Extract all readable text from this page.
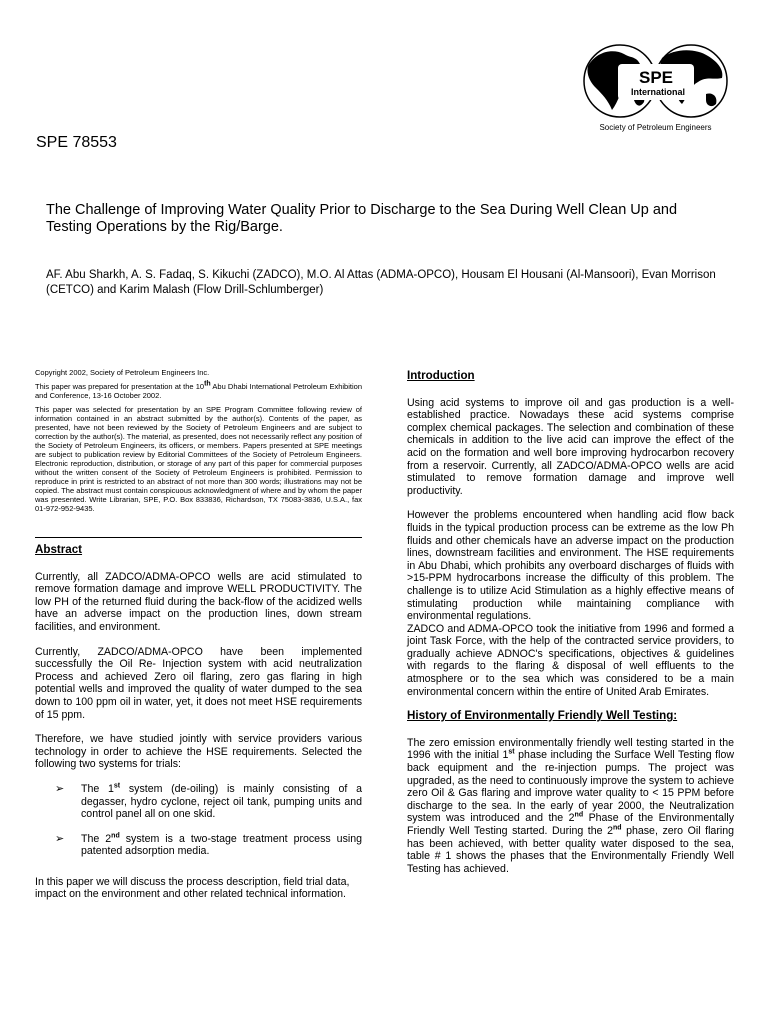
SPE
International
Society of Petroleum Engineers
SPE 78553
The Challenge of Improving Water Quality Prior to Discharge to the Sea During Well Clean Up and Testing Operations by the Rig/Barge.
AF. Abu Sharkh, A. S. Fadaq, S. Kikuchi (ZADCO), M.O. Al Attas (ADMA-OPCO), Housam El Housani (Al-Mansoori), Evan Morrison (CETCO) and Karim Malash (Flow Drill-Schlumberger)

Copyright 2002, Society of Petroleum Engineers Inc.

This paper was prepared for presentation at the 10th Abu Dhabi International Petroleum Exhibition and Conference, 13-16 October 2002.

This paper was selected for presentation by an SPE Program Committee following review of information contained in an abstract submitted by the author(s). Contents of the paper, as presented, have not been reviewed by the Society of Petroleum Engineers and are subject to correction by the author(s). The material, as presented, does not necessarily reflect any position of the Society of Petroleum Engineers, its officers, or members. Papers presented at SPE meetings are subject to publication review by Editorial Committees of the Society of Petroleum Engineers. Electronic reproduction, distribution, or storage of any part of this paper for commercial purposes without the written consent of the Society of Petroleum Engineers is prohibited. Permission to reproduce in print is restricted to an abstract of not more than 300 words; illustrations may not be copied. The abstract must contain conspicuous acknowledgment of where and by whom the paper was presented. Write Librarian, SPE, P.O. Box 833836, Richardson, TX 75083-3836, U.S.A., fax 01-972-952-9435.

Abstract

Currently, all ZADCO/ADMA-OPCO wells are acid stimulated to remove formation damage and improve WELL PRODUCTIVITY. The low PH of the returned fluid during the back-flow of the acidized wells have an adverse impact on the production lines, down stream facilities, and environment.

Currently, ZADCO/ADMA-OPCO have been implemented successfully the Oil Re- Injection system with acid neutralization Process and achieved Zero oil flaring, zero gas flaring in high potential wells and improved the quality of water dumped to the sea down to 100 ppm oil in water, yet, it does not meet HSE requirements of 15 ppm.

Therefore, we have studied jointly with service providers various technology in order to achieve the HSE requirements. Selected the following two systems for trials:

➢ The 1st system (de-oiling) is mainly consisting of a degasser, hydro cyclone, reject oil tank, pumping units and control panel all on one skid.
➢ The 2nd system is a two-stage treatment process using patented adsorption media.

In this paper we will discuss the process description, field trial data, impact on the environment and other related technical information.

Introduction

Using acid systems to improve oil and gas production is a well-established practice. Nowadays these acid systems comprise complex chemical packages. The selection and combination of these chemicals in addition to the live acid can improve the effect of the acid on the formation and well bore improving hydrocarbon recovery from a reservoir. Currently, all ZADCO/ADMA-OPCO wells are acid stimulated to remove formation damage and improve well productivity.

However the problems encountered when handling acid flow back fluids in the typical production process can be extreme as the low Ph fluids and other chemicals have an adverse impact on the production lines, downstream facilities and environment. The HSE requirements in Abu Dhabi, which prohibits any overboard discharges of fluids with >15-PPM hydrocarbons increase the difficulty of this problem. The challenge is to utilize Acid Stimulation as a highly effective means of stimulating production while maintaining compliance with environmental regulations.

ZADCO and ADMA-OPCO took the initiative from 1996 and formed a joint Task Force, with the help of the contracted service providers, to gradually achieve ADNOC's specifications, objectives & guidelines with regards to the flaring & disposal of well effluents to the atmosphere or to the sea which was considered to be a main environmental concern within the entire of United Arab Emirates.

History of Environmentally Friendly Well Testing:

The zero emission environmentally friendly well testing started in the 1996 with the initial 1st phase including the Surface Well Testing flow back equipment and the re-injection pumps. The project was upgraded, as the need to continuously improve the system to achieve zero Oil & Gas flaring and improve water quality to < 15 PPM before discharge to the sea. In the early of year 2000, the Neutralization system was introduced and the 2nd Phase of the Environmentally Friendly Well Testing started. During the 2nd phase, zero Oil flaring has been achieved, with better quality water disposed to the sea, table # 1 shows the phases that the Environmentally Friendly Well Testing has achieved.
